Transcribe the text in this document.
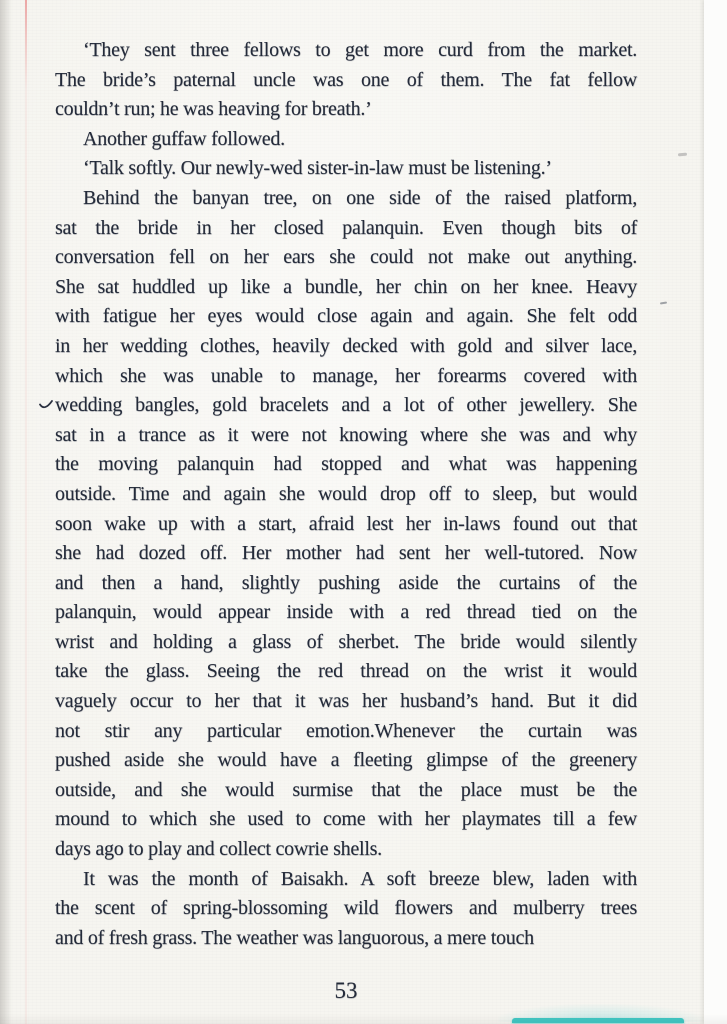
‘They sent three fellows to get more curd from the market.
The bride’s paternal uncle was one of them. The fat fellow
couldn’t run; he was heaving for breath.’
Another guffaw followed.
‘Talk softly. Our newly-wed sister-in-law must be listening.’
Behind the banyan tree, on one side of the raised platform,
sat the bride in her closed palanquin. Even though bits of
conversation fell on her ears she could not make out anything.
She sat huddled up like a bundle, her chin on her knee. Heavy
with fatigue her eyes would close again and again. She felt odd
in her wedding clothes, heavily decked with gold and silver lace,
which she was unable to manage, her forearms covered with
wedding bangles, gold bracelets and a lot of other jewellery. She
sat in a trance as it were not knowing where she was and why
the moving palanquin had stopped and what was happening
outside. Time and again she would drop off to sleep, but would
soon wake up with a start, afraid lest her in-laws found out that
she had dozed off. Her mother had sent her well-tutored. Now
and then a hand, slightly pushing aside the curtains of the
palanquin, would appear inside with a red thread tied on the
wrist and holding a glass of sherbet. The bride would silently
take the glass. Seeing the red thread on the wrist it would
vaguely occur to her that it was her husband’s hand. But it did
not stir any particular emotion.Whenever the curtain was
pushed aside she would have a fleeting glimpse of the greenery
outside, and she would surmise that the place must be the
mound to which she used to come with her playmates till a few
days ago to play and collect cowrie shells.
It was the month of Baisakh. A soft breeze blew, laden with
the scent of spring-blossoming wild flowers and mulberry trees
and of fresh grass. The weather was languorous, a mere touch
53
